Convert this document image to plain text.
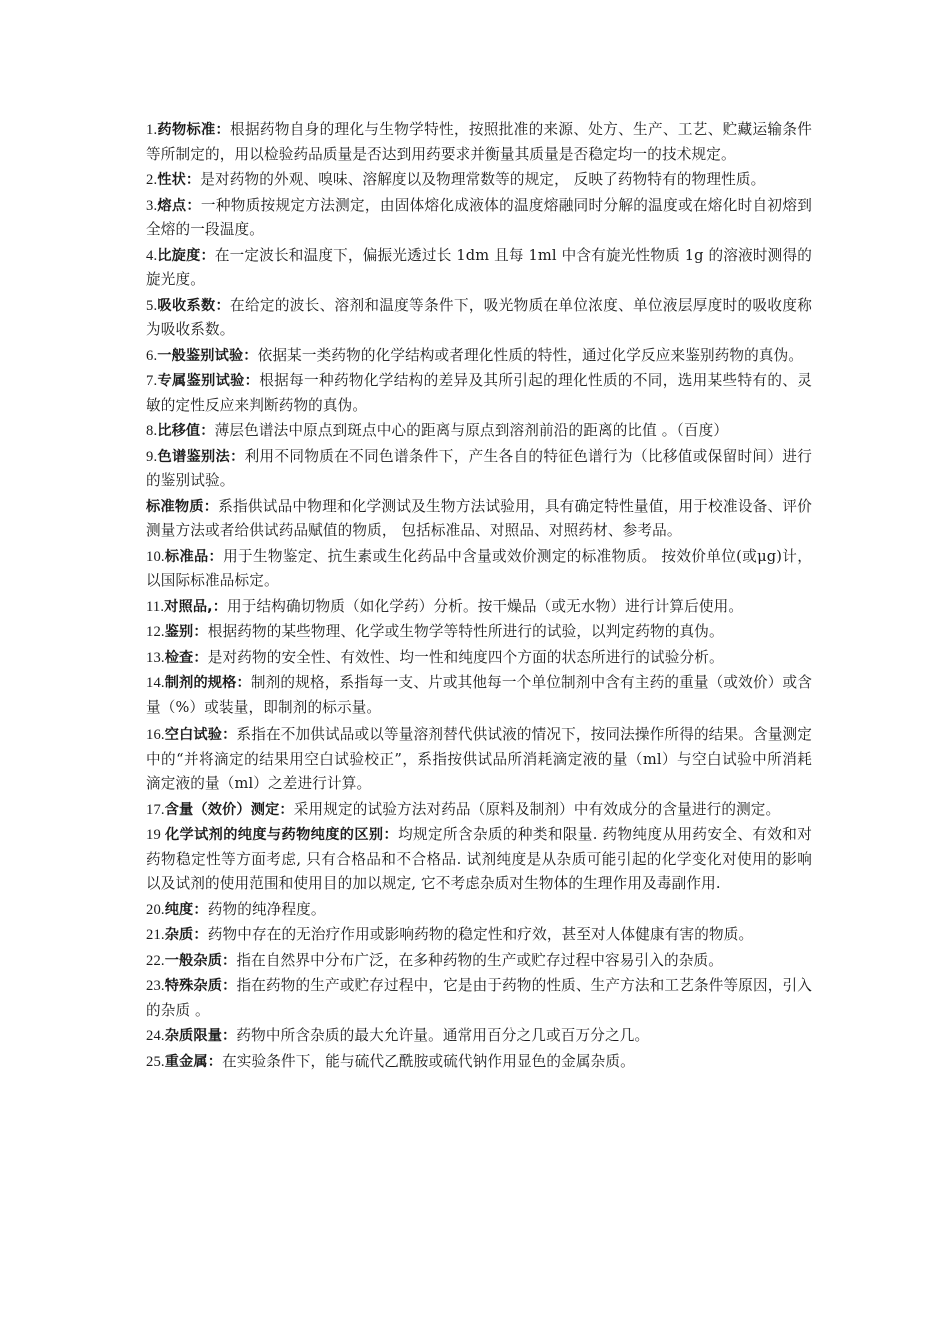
1.药物标准：根据药物自身的理化与生物学特性，按照批准的来源、处方、生产、工艺、贮藏运输条件等所制定的，用以检验药品质量是否达到用药要求并衡量其质量是否稳定均一的技术规定。
2.性状：是对药物的外观、嗅味、溶解度以及物理常数等的规定， 反映了药物特有的物理性质。
3.熔点：一种物质按规定方法测定，由固体熔化成液体的温度熔融同时分解的温度或在熔化时自初熔到全熔的一段温度。
4.比旋度：在一定波长和温度下，偏振光透过长 1dm 且每 1ml 中含有旋光性物质 1g 的溶液时测得的旋光度。
5.吸收系数：在给定的波长、溶剂和温度等条件下，吸光物质在单位浓度、单位液层厚度时的吸收度称为吸收系数。
6.一般鉴别试验：依据某一类药物的化学结构或者理化性质的特性，通过化学反应来鉴别药物的真伪。
7.专属鉴别试验：根据每一种药物化学结构的差异及其所引起的理化性质的不同，选用某些特有的、灵敏的定性反应来判断药物的真伪。
8.比移值：薄层色谱法中原点到斑点中心的距离与原点到溶剂前沿的距离的比值 。（百度）
9.色谱鉴别法：利用不同物质在不同色谱条件下，产生各自的特征色谱行为（比移值或保留时间）进行的鉴别试验。
标准物质：系指供试品中物理和化学测试及生物方法试验用，具有确定特性量值，用于校准设备、评价测量方法或者给供试药品赋值的物质， 包括标准品、对照品、对照药材、参考品。
10.标准品：用于生物鉴定、抗生素或生化药品中含量或效价测定的标准物质。 按效价单位(或μg)计，以国际标准品标定。
11.对照品,：用于结构确切物质（如化学药）分析。按干燥品（或无水物）进行计算后使用。
12.鉴别：根据药物的某些物理、化学或生物学等特性所进行的试验，以判定药物的真伪。
13.检查：是对药物的安全性、有效性、均一性和纯度四个方面的状态所进行的试验分析。
14.制剂的规格：制剂的规格，系指每一支、片或其他每一个单位制剂中含有主药的重量（或效价）或含量（%）或装量，即制剂的标示量。
16.空白试验：系指在不加供试品或以等量溶剂替代供试液的情况下，按同法操作所得的结果。含量测定中的“并将滴定的结果用空白试验校正”，系指按供试品所消耗滴定液的量（ml）与空白试验中所消耗滴定液的量（ml）之差进行计算。
17.含量（效价）测定：采用规定的试验方法对药品（原料及制剂）中有效成分的含量进行的测定。
19 化学试剂的纯度与药物纯度的区别：均规定所含杂质的种类和限量. 药物纯度从用药安全、有效和对药物稳定性等方面考虑, 只有合格品和不合格品. 试剂纯度是从杂质可能引起的化学变化对使用的影响以及试剂的使用范围和使用目的加以规定, 它不考虑杂质对生物体的生理作用及毒副作用.
20.纯度：药物的纯净程度。
21.杂质：药物中存在的无治疗作用或影响药物的稳定性和疗效，甚至对人体健康有害的物质。
22.一般杂质：指在自然界中分布广泛，在多种药物的生产或贮存过程中容易引入的杂质。
23.特殊杂质：指在药物的生产或贮存过程中，它是由于药物的性质、生产方法和工艺条件等原因，引入的杂质 。
24.杂质限量：药物中所含杂质的最大允许量。通常用百分之几或百万分之几。
25.重金属：在实验条件下，能与硫代乙酰胺或硫代钠作用显色的金属杂质。
